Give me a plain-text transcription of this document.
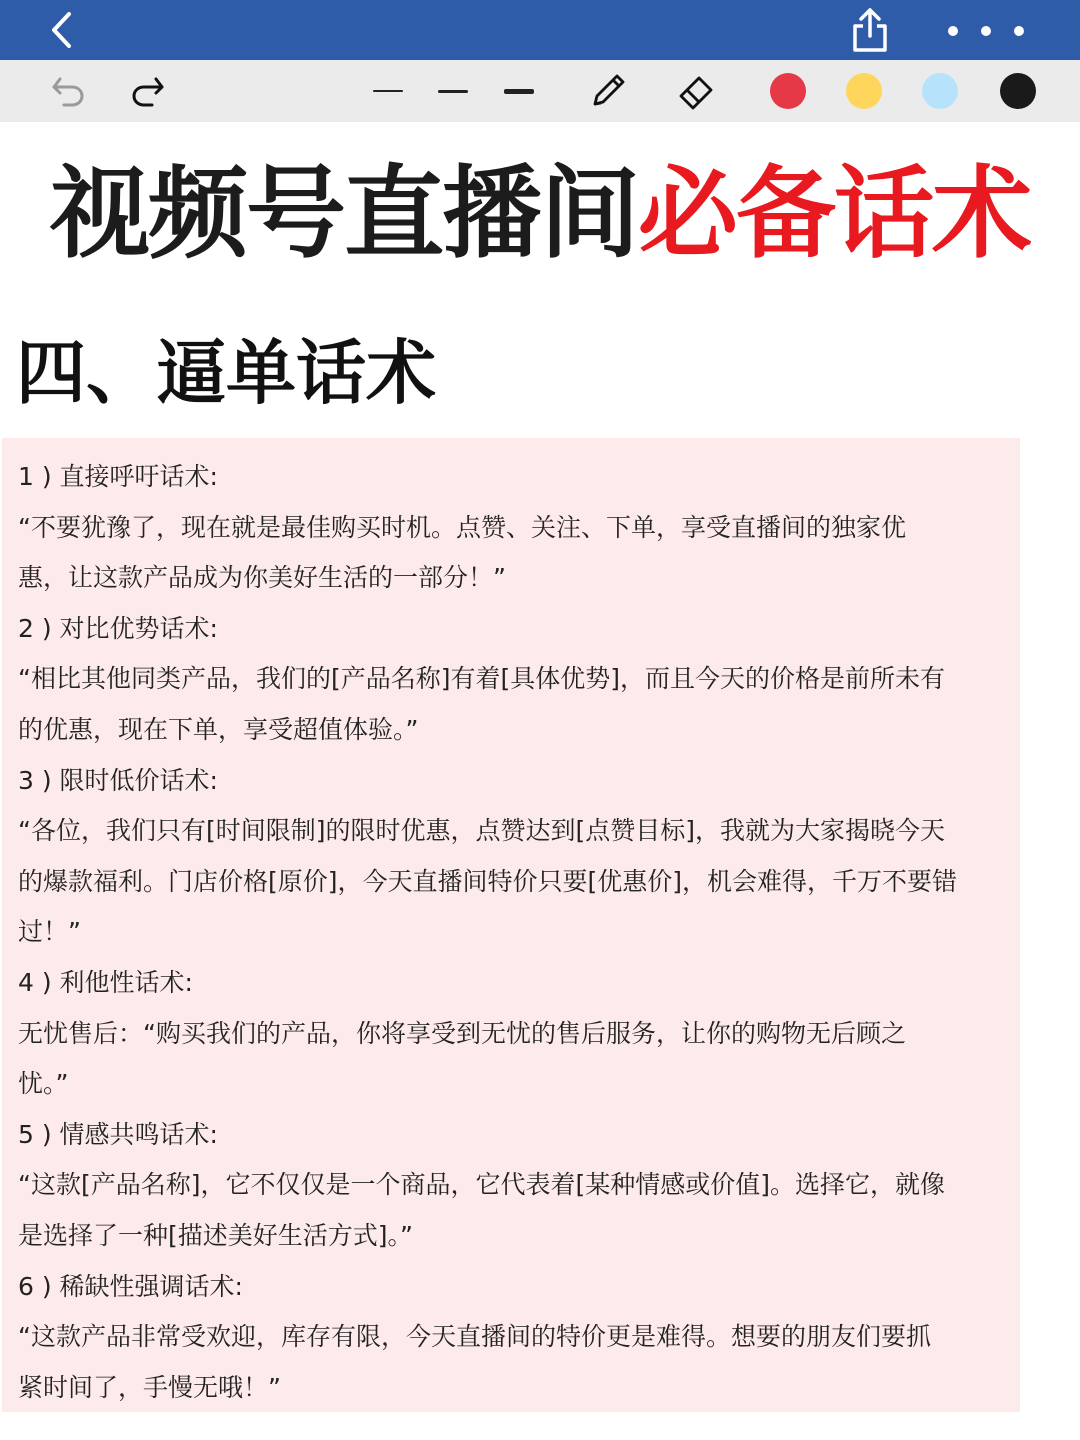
视频号直播间 必备话术
四、逼单话术
1 ) 直接呼吁话术:
“不要犹豫了，现在就是最佳购买时机。点赞、关注、下单，享受直播间的独家优
惠，让这款产品成为你美好生活的一部分！”
2 ) 对比优势话术:
“相比其他同类产品，我们的[产品名称]有着[具体优势]，而且今天的价格是前所未有
的优惠，现在下单，享受超值体验。”
3 ) 限时低价话术:
“各位，我们只有[时间限制]的限时优惠，点赞达到[点赞目标]，我就为大家揭晓今天
的爆款福利。门店价格[原价]，今天直播间特价只要[优惠价]，机会难得，千万不要错
过！”
4 ) 利他性话术:
无忧售后：“购买我们的产品，你将享受到无忧的售后服务，让你的购物无后顾之
忧。”
5 ) 情感共鸣话术:
“这款[产品名称]，它不仅仅是一个商品，它代表着[某种情感或价值]。选择它，就像
是选择了一种[描述美好生活方式]。”
6 ) 稀缺性强调话术:
“这款产品非常受欢迎，库存有限，今天直播间的特价更是难得。想要的朋友们要抓
紧时间了，手慢无哦！”
